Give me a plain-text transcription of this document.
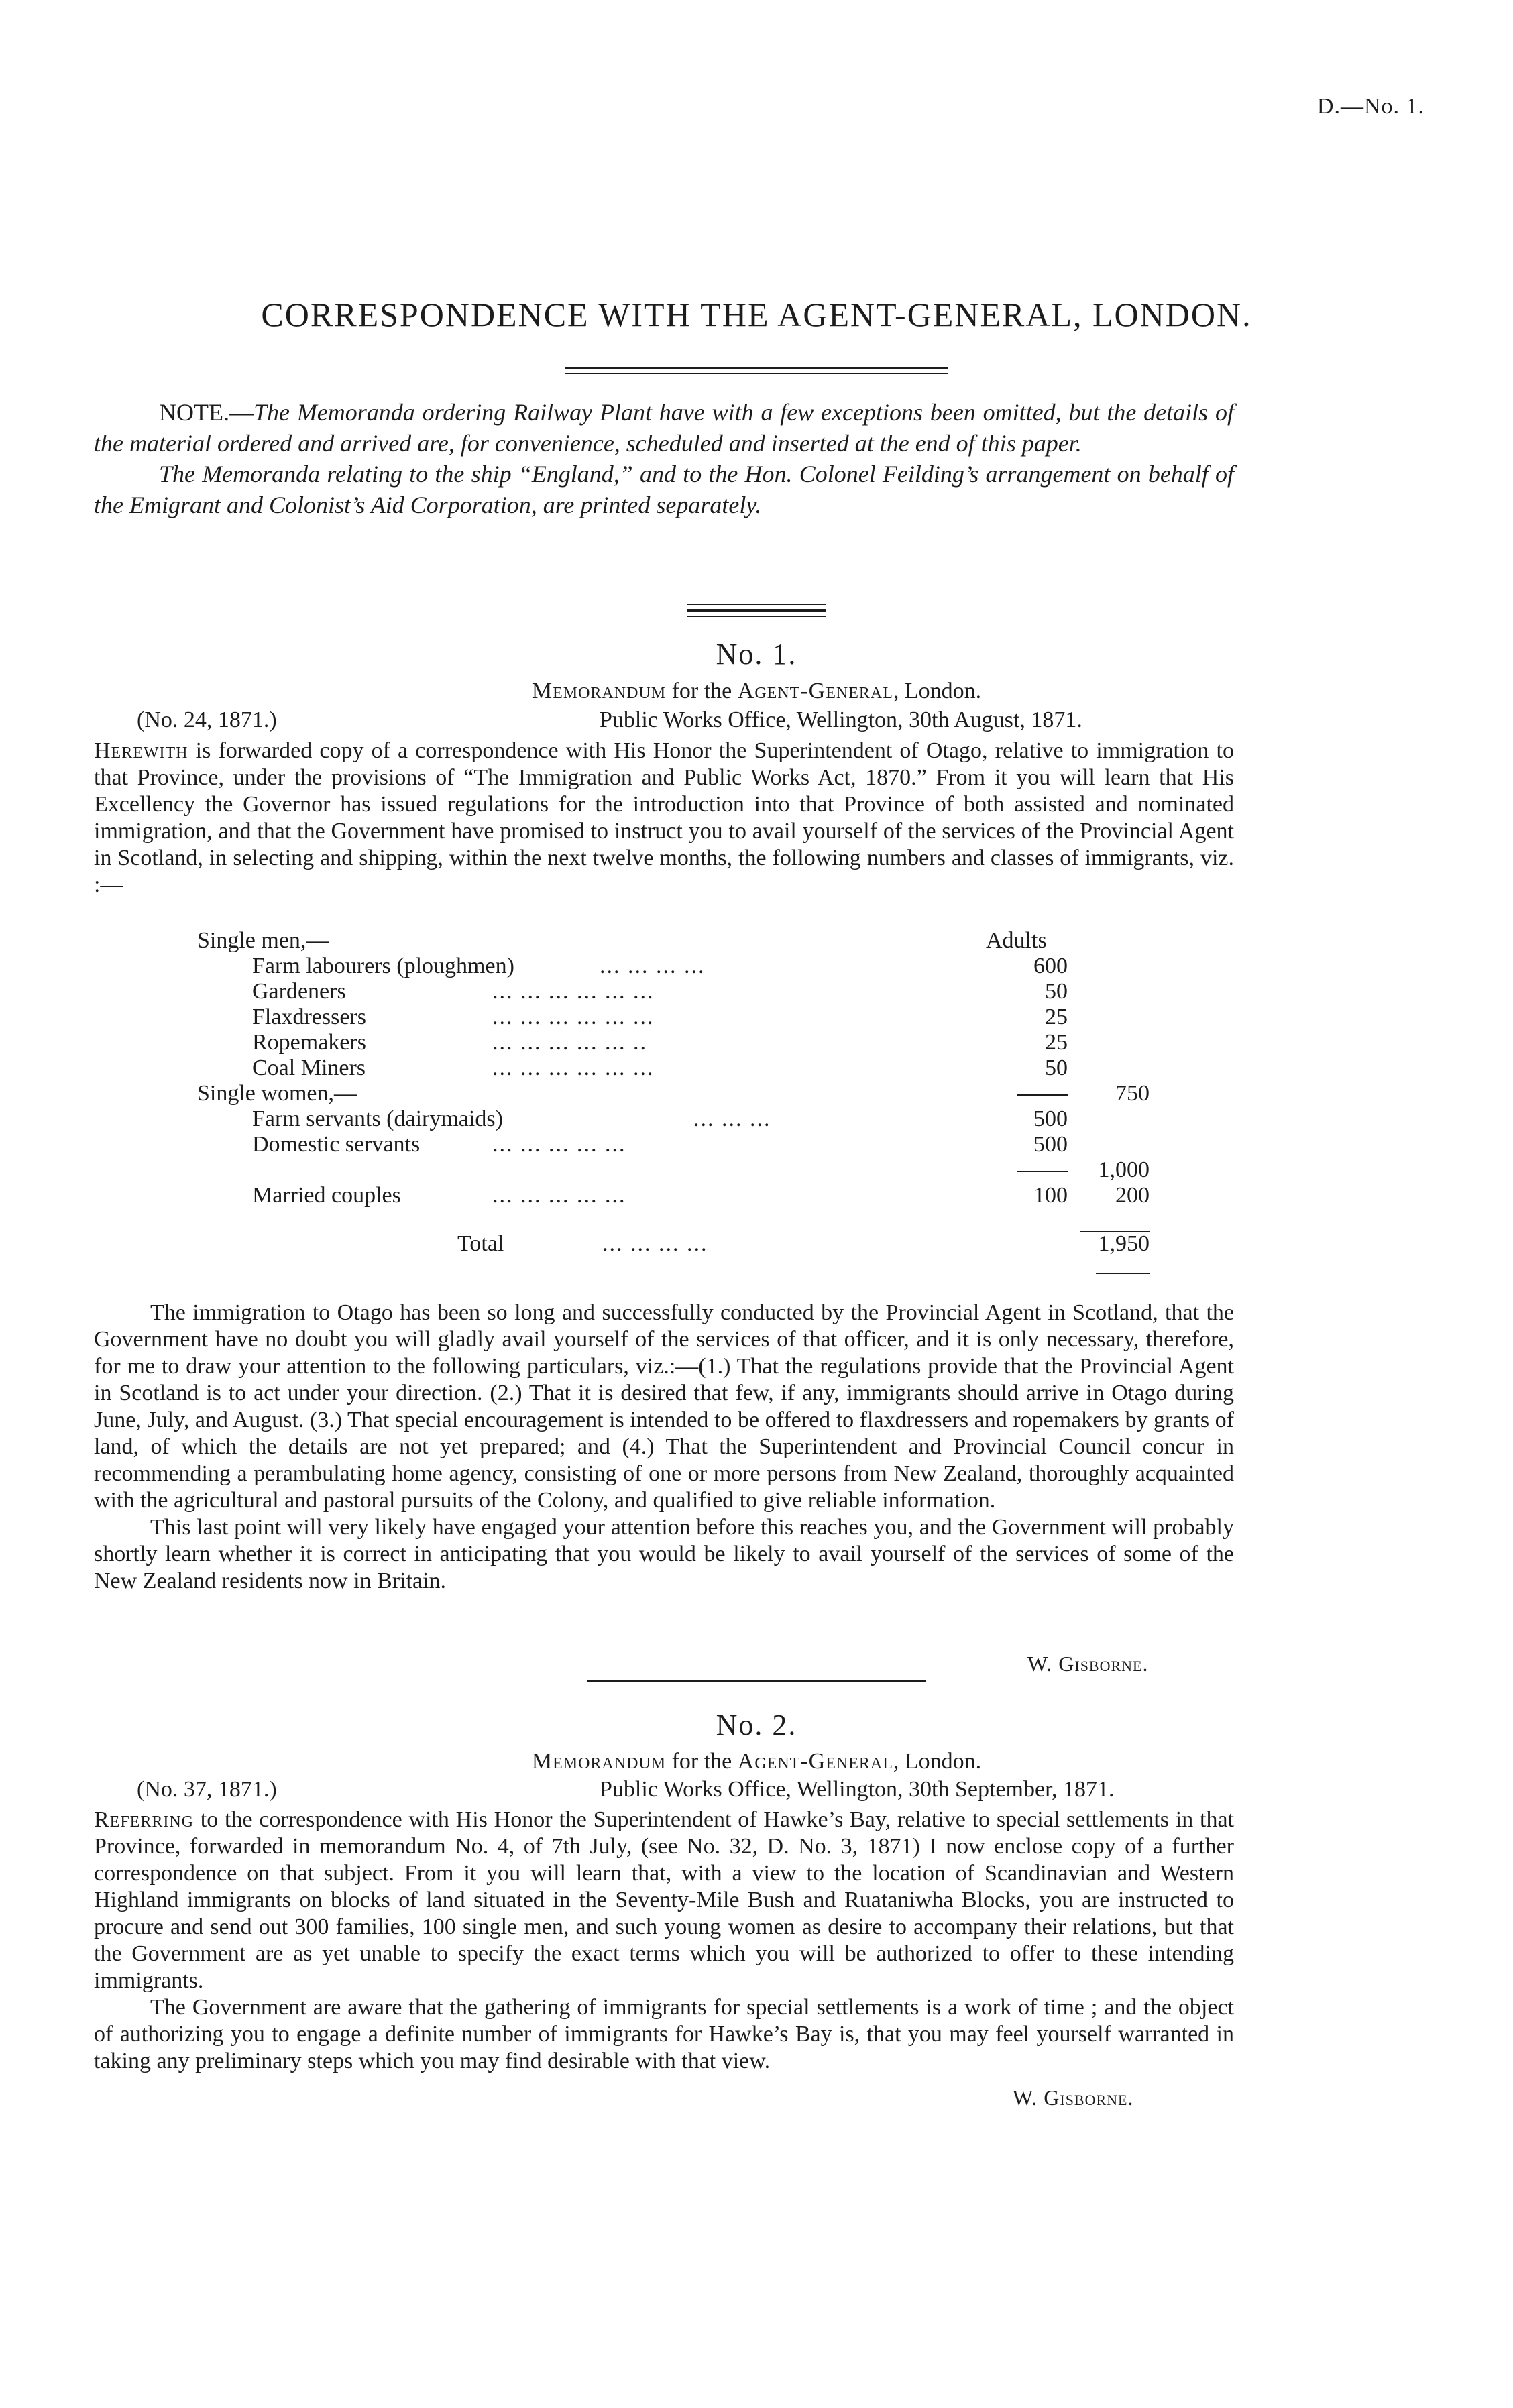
D.—No. 1.
CORRESPONDENCE WITH THE AGENT-GENERAL, LONDON.

NOTE.—The Memoranda ordering Railway Plant have with a few exceptions been omitted, but the details of the material ordered and arrived are, for convenience, scheduled and inserted at the end of this paper.

The Memoranda relating to the ship “England,” and to the Hon. Colonel Feilding’s arrangement on behalf of the Emigrant and Colonist’s Aid Corporation, are printed separately.

No. 1.
Memorandum for the Agent-General, London.
(No. 24, 1871.)	Public Works Office, Wellington, 30th August, 1871.

Herewith is forwarded copy of a correspondence with His Honor the Superintendent of Otago, relative to immigration to that Province, under the provisions of “The Immigration and Public Works Act, 1870.” From it you will learn that His Excellency the Governor has issued regulations for the introduction into that Province of both assisted and nominated immigration, and that the Government have promised to instruct you to avail yourself of the services of the Provincial Agent in Scotland, in selecting and shipping, within the next twelve months, the following numbers and classes of immigrants, viz. :—

Single men,—	Adults
Farm labourers (ploughmen)	... ... ... ...	600
Gardeners	... ... ... ... ... ...	50
Flaxdressers	... ... ... ... ... ...	25
Ropemakers	... ... ... ... ... ..	25
Coal Miners	... ... ... ... ... ...	50
Single women,—	750
Farm servants (dairymaids)	... ... ...	500
Domestic servants	... ... ... ... ...	500
1,000
Married couples	... ... ... ... ...	100	200
Total	... ... ... ...	1,950

The immigration to Otago has been so long and successfully conducted by the Provincial Agent in Scotland, that the Government have no doubt you will gladly avail yourself of the services of that officer, and it is only necessary, therefore, for me to draw your attention to the following particulars, viz.:—(1.) That the regulations provide that the Provincial Agent in Scotland is to act under your direction. (2.) That it is desired that few, if any, immigrants should arrive in Otago during June, July, and August. (3.) That special encouragement is intended to be offered to flaxdressers and ropemakers by grants of land, of which the details are not yet prepared; and (4.) That the Superintendent and Provincial Council concur in recommending a perambulating home agency, consisting of one or more persons from New Zealand, thoroughly acquainted with the agricultural and pastoral pursuits of the Colony, and qualified to give reliable information.

This last point will very likely have engaged your attention before this reaches you, and the Government will probably shortly learn whether it is correct in anticipating that you would be likely to avail yourself of the services of some of the New Zealand residents now in Britain.

W. Gisborne.
No. 2.
Memorandum for the Agent-General, London.
(No. 37, 1871.)	Public Works Office, Wellington, 30th September, 1871.

Referring to the correspondence with His Honor the Superintendent of Hawke’s Bay, relative to special settlements in that Province, forwarded in memorandum No. 4, of 7th July, (see No. 32, D. No. 3, 1871) I now enclose copy of a further correspondence on that subject. From it you will learn that, with a view to the location of Scandinavian and Western Highland immigrants on blocks of land situated in the Seventy-Mile Bush and Ruataniwha Blocks, you are instructed to procure and send out 300 families, 100 single men, and such young women as desire to accompany their relations, but that the Government are as yet unable to specify the exact terms which you will be authorized to offer to these intending immigrants.

The Government are aware that the gathering of immigrants for special settlements is a work of time ; and the object of authorizing you to engage a definite number of immigrants for Hawke’s Bay is, that you may feel yourself warranted in taking any preliminary steps which you may find desirable with that view.

W. Gisborne.
